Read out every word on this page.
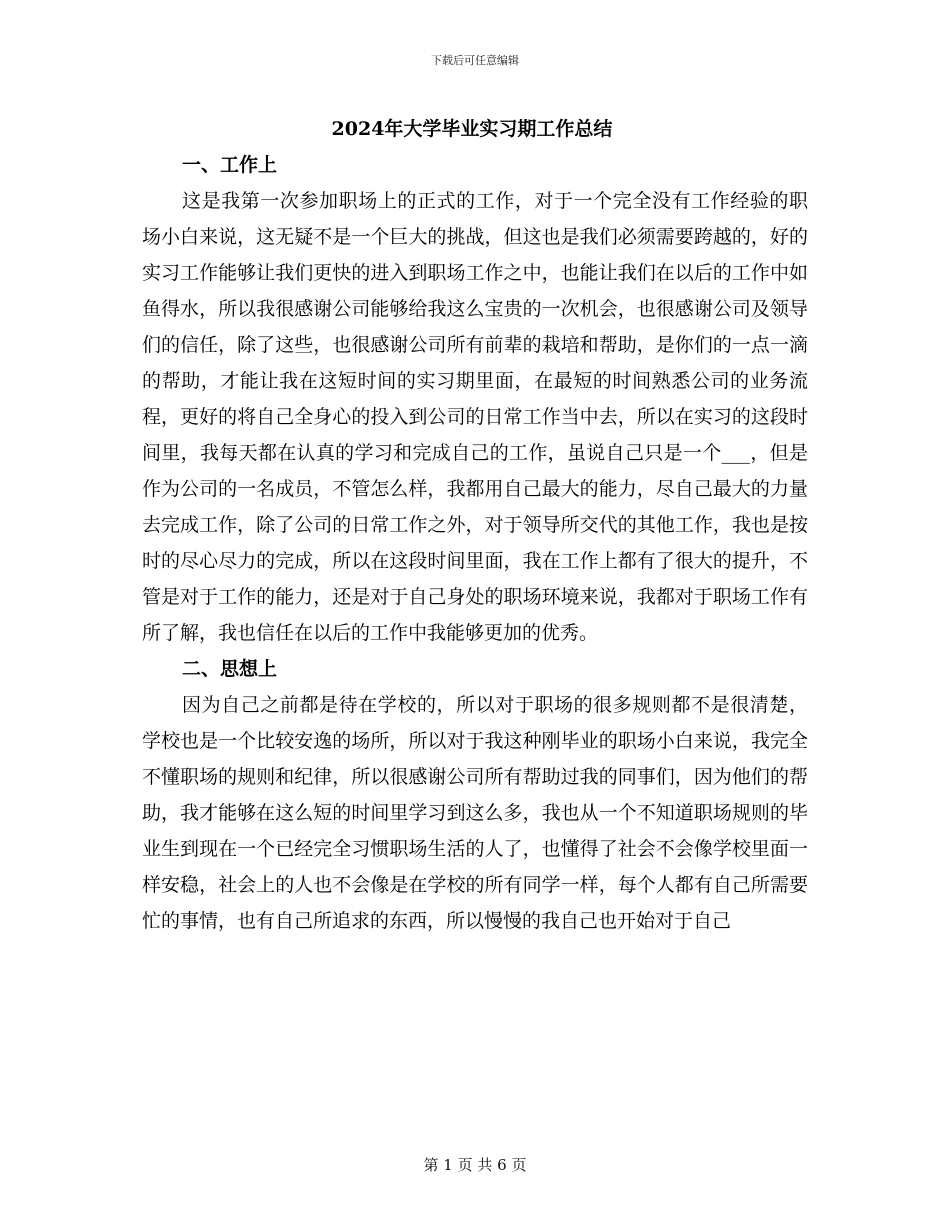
下载后可任意编辑
2024年大学毕业实习期工作总结

一、工作上

这是我第一次参加职场上的正式的工作，对于一个完全没有工作经验的职场小白来说，这无疑不是一个巨大的挑战，但这也是我们必须需要跨越的，好的实习工作能够让我们更快的进入到职场工作之中，也能让我们在以后的工作中如鱼得水，所以我很感谢公司能够给我这么宝贵的一次机会，也很感谢公司及领导们的信任，除了这些，也很感谢公司所有前辈的栽培和帮助，是你们的一点一滴的帮助，才能让我在这短时间的实习期里面，在最短的时间熟悉公司的业务流程，更好的将自己全身心的投入到公司的日常工作当中去，所以在实习的这段时间里，我每天都在认真的学习和完成自己的工作，虽说自己只是一个___，但是作为公司的一名成员，不管怎么样，我都用自己最大的能力，尽自己最大的力量去完成工作，除了公司的日常工作之外，对于领导所交代的其他工作，我也是按时的尽心尽力的完成，所以在这段时间里面，我在工作上都有了很大的提升，不管是对于工作的能力，还是对于自己身处的职场环境来说，我都对于职场工作有所了解，我也信任在以后的工作中我能够更加的优秀。

二、思想上

因为自己之前都是待在学校的，所以对于职场的很多规则都不是很清楚，学校也是一个比较安逸的场所，所以对于我这种刚毕业的职场小白来说，我完全不懂职场的规则和纪律，所以很感谢公司所有帮助过我的同事们，因为他们的帮助，我才能够在这么短的时间里学习到这么多，我也从一个不知道职场规则的毕业生到现在一个已经完全习惯职场生活的人了，也懂得了社会不会像学校里面一样安稳，社会上的人也不会像是在学校的所有同学一样，每个人都有自己所需要忙的事情，也有自己所追求的东西，所以慢慢的我自己也开始对于自己

第 1 页 共 6 页
